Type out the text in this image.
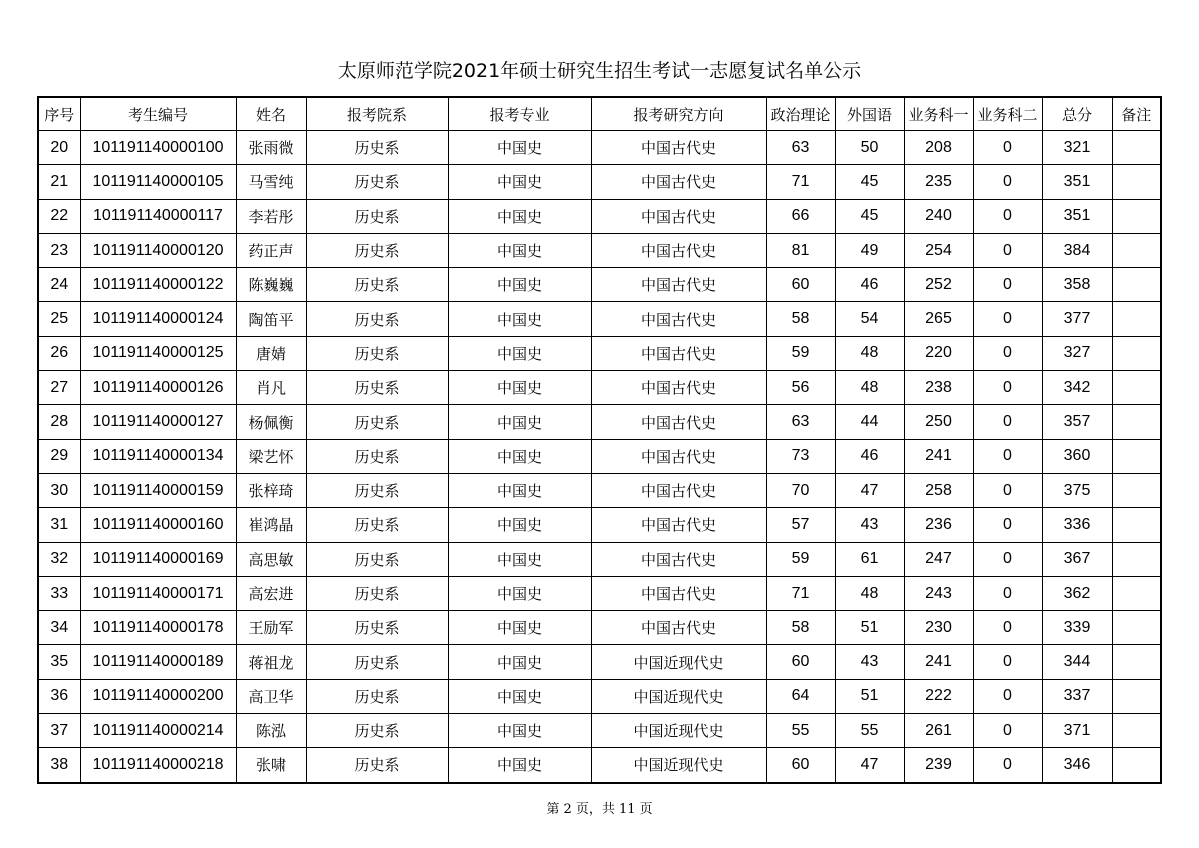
太原师范学院2021年硕士研究生招生考试一志愿复试名单公示
序号	考生编号	姓名	报考院系	报考专业	报考研究方向	政治理论	外国语	业务科一	业务科二	总分	备注
20	101191140000100	张雨微	历史系	中国史	中国古代史	63	50	208	0	321	
21	101191140000105	马雪纯	历史系	中国史	中国古代史	71	45	235	0	351	
22	101191140000117	李若彤	历史系	中国史	中国古代史	66	45	240	0	351	
23	101191140000120	药正声	历史系	中国史	中国古代史	81	49	254	0	384	
24	101191140000122	陈巍巍	历史系	中国史	中国古代史	60	46	252	0	358	
25	101191140000124	陶笛平	历史系	中国史	中国古代史	58	54	265	0	377	
26	101191140000125	唐婧	历史系	中国史	中国古代史	59	48	220	0	327	
27	101191140000126	肖凡	历史系	中国史	中国古代史	56	48	238	0	342	
28	101191140000127	杨佩衡	历史系	中国史	中国古代史	63	44	250	0	357	
29	101191140000134	梁艺怀	历史系	中国史	中国古代史	73	46	241	0	360	
30	101191140000159	张梓琦	历史系	中国史	中国古代史	70	47	258	0	375	
31	101191140000160	崔鸿晶	历史系	中国史	中国古代史	57	43	236	0	336	
32	101191140000169	高思敏	历史系	中国史	中国古代史	59	61	247	0	367	
33	101191140000171	高宏进	历史系	中国史	中国古代史	71	48	243	0	362	
34	101191140000178	王励军	历史系	中国史	中国古代史	58	51	230	0	339	
35	101191140000189	蒋祖龙	历史系	中国史	中国近现代史	60	43	241	0	344	
36	101191140000200	高卫华	历史系	中国史	中国近现代史	64	51	222	0	337	
37	101191140000214	陈泓	历史系	中国史	中国近现代史	55	55	261	0	371	
38	101191140000218	张啸	历史系	中国史	中国近现代史	60	47	239	0	346	
第 2 页，共 11 页
